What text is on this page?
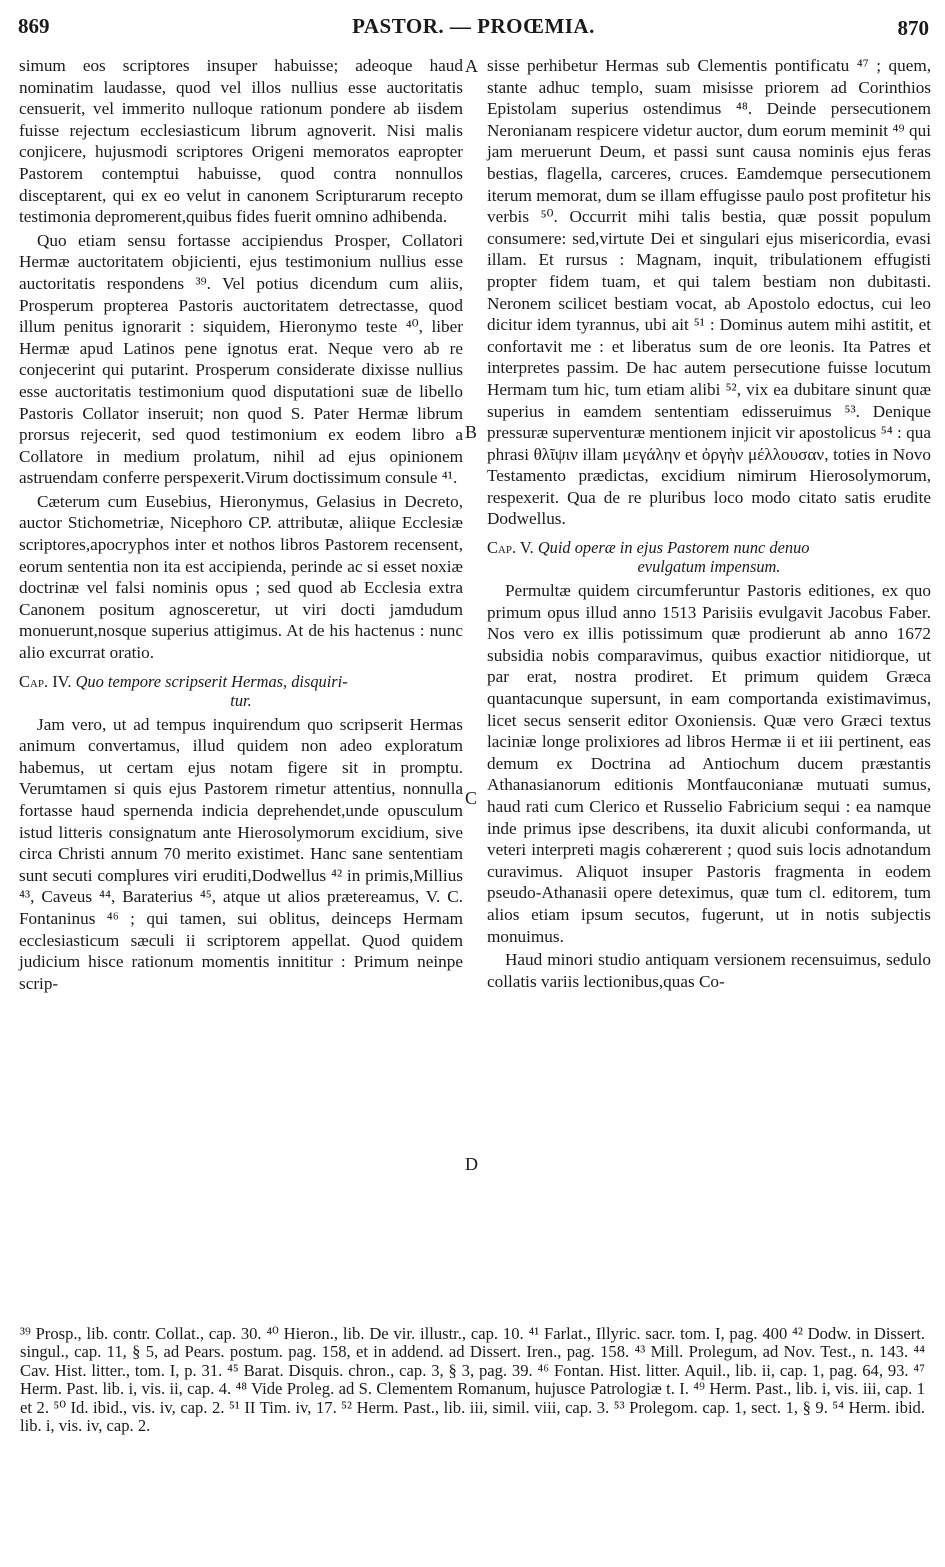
869	PASTOR. — PROŒMIA.	870

simum eos scriptores insuper habuisse; adeoque haud nominatim laudasse, quod vel illos nullius esse auctoritatis censuerit, vel immerito nulloque rationum pondere ab iisdem fuisse rejectum ecclesiasticum librum agnoverit. Nisi malis conjicere, hujusmodi scriptores Origeni memoratos eapropter Pastorem contemptui habuisse, quod contra nonnullos disceptarent, qui ex eo velut in canonem Scripturarum recepto testimonia depromerent,quibus fides fuerit omnino adhibenda.

Quo etiam sensu fortasse accipiendus Prosper, Collatori Hermæ auctoritatem objicienti, ejus testimonium nullius esse auctoritatis respondens ³⁹. Vel potius dicendum cum aliis, Prosperum propterea Pastoris auctoritatem detrectasse, quod illum penitus ignorarit : siquidem, Hieronymo teste ⁴⁰, liber Hermæ apud Latinos pene ignotus erat. Neque vero ab re conjecerint qui putarint. Prosperum considerate dixisse nullius esse auctoritatis testimonium quod disputationi suæ de libello Pastoris Collator inseruit; non quod S. Pater Hermæ librum prorsus rejecerit, sed quod testimonium ex eodem libro a Collatore in medium prolatum, nihil ad ejus opinionem astruendam conferre perspexerit.Virum doctissimum consule ⁴¹.

Cæterum cum Eusebius, Hieronymus, Gelasius in Decreto, auctor Stichometriæ, Nicephoro CP. attributæ, aliique Ecclesiæ scriptores,apocryphos inter et nothos libros Pastorem recensent, eorum sententia non ita est accipienda, perinde ac si esset noxiæ doctrinæ vel falsi nominis opus ; sed quod ab Ecclesia extra Canonem positum agnosceretur, ut viri docti jamdudum monuerunt,nosque superius attigimus. At de his hactenus : nunc alio excurrat oratio.

Cap. IV. Quo tempore scripserit Hermas, disquiri-
tur.

Jam vero, ut ad tempus inquirendum quo scripserit Hermas animum convertamus, illud quidem non adeo exploratum habemus, ut certam ejus notam figere sit in promptu. Verumtamen si quis ejus Pastorem rimetur attentius, nonnulla fortasse haud spernenda indicia deprehendet,unde opusculum istud litteris consignatum ante Hierosolymorum excidium, sive circa Christi annum 70 merito existimet. Hanc sane sententiam sunt secuti complures viri eruditi,Dodwellus ⁴² in primis,Millius ⁴³, Caveus ⁴⁴, Baraterius ⁴⁵, atque ut alios prætereamus, V. C. Fontaninus ⁴⁶ ; qui tamen, sui oblitus, deinceps Hermam ecclesiasticum sæculi ii scriptorem appellat. Quod quidem judicium hisce rationum momentis innititur : Primum neinpe scrip-

A
B
C
D

sisse perhibetur Hermas sub Clementis pontificatu ⁴⁷ ; quem, stante adhuc templo, suam misisse priorem ad Corinthios Epistolam superius ostendimus ⁴⁸. Deinde persecutionem Neronianam respicere videtur auctor, dum eorum meminit ⁴⁹ qui jam meruerunt Deum, et passi sunt causa nominis ejus feras bestias, flagella, carceres, cruces. Eamdemque persecutionem iterum memorat, dum se illam effugisse paulo post profitetur his verbis ⁵⁰. Occurrit mihi talis bestia, quæ possit populum consumere: sed,virtute Dei et singulari ejus misericordia, evasi illam. Et rursus : Magnam, inquit, tribulationem effugisti propter fidem tuam, et qui talem bestiam non dubitasti. Neronem scilicet bestiam vocat, ab Apostolo edoctus, cui leo dicitur idem tyrannus, ubi ait ⁵¹ : Dominus autem mihi astitit, et confortavit me : et liberatus sum de ore leonis. Ita Patres et interpretes passim. De hac autem persecutione fuisse locutum Hermam tum hic, tum etiam alibi ⁵², vix ea dubitare sinunt quæ superius in eamdem sententiam edisseruimus ⁵³. Denique pressuræ superventuræ mentionem injicit vir apostolicus ⁵⁴ : qua phrasi θλῖψιν illam μεγάλην et ὀργὴν μέλλουσαν, toties in Novo Testamento prædictas, excidium nimirum Hierosolymorum, respexerit. Qua de re pluribus loco modo citato satis erudite Dodwellus.

Cap. V. Quid operæ in ejus Pastorem nunc denuo
evulgatum impensum.

Permultæ quidem circumferuntur Pastoris editiones, ex quo primum opus illud anno 1513 Parisiis evulgavit Jacobus Faber. Nos vero ex illis potissimum quæ prodierunt ab anno 1672 subsidia nobis comparavimus, quibus exactior nitidiorque, ut par erat, nostra prodiret. Et primum quidem Græca quantacunque supersunt, in eam comportanda existimavimus, licet secus senserit editor Oxoniensis. Quæ vero Græci textus laciniæ longe prolixiores ad libros Hermæ ii et iii pertinent, eas demum ex Doctrina ad Antiochum ducem præstantis Athanasianorum editionis Montfauconianæ mutuati sumus, haud rati cum Clerico et Russelio Fabricium sequi : ea namque inde primus ipse describens, ita duxit alicubi conformanda, ut veteri interpreti magis cohærerent ; quod suis locis adnotandum curavimus. Aliquot insuper Pastoris fragmenta in eodem pseudo-Athanasii opere deteximus, quæ tum cl. editorem, tum alios etiam ipsum secutos, fugerunt, ut in notis subjectis monuimus.

Haud minori studio antiquam versionem recensuimus, sedulo collatis variis lectionibus,quas Co-

³⁹ Prosp., lib. contr. Collat., cap. 30. ⁴⁰ Hieron., lib. De vir. illustr., cap. 10. ⁴¹ Farlat., Illyric. sacr. tom. I, pag. 400 ⁴² Dodw. in Dissert. singul., cap. 11, § 5, ad Pears. postum. pag. 158, et in addend. ad Dissert. Iren., pag. 158. ⁴³ Mill. Prolegum, ad Nov. Test., n. 143. ⁴⁴ Cav. Hist. litter., tom. I, p. 31. ⁴⁵ Barat. Disquis. chron., cap. 3, § 3, pag. 39. ⁴⁶ Fontan. Hist. litter. Aquil., lib. ii, cap. 1, pag. 64, 93. ⁴⁷ Herm. Past. lib. i, vis. ii, cap. 4. ⁴⁸ Vide Proleg. ad S. Clementem Romanum, hujusce Patrologiæ t. I. ⁴⁹ Herm. Past., lib. i, vis. iii, cap. 1 et 2. ⁵⁰ Id. ibid., vis. iv, cap. 2. ⁵¹ II Tim. iv, 17. ⁵² Herm. Past., lib. iii, simil. viii, cap. 3. ⁵³ Prolegom. cap. 1, sect. 1, § 9. ⁵⁴ Herm. ibid. lib. i, vis. iv, cap. 2.
